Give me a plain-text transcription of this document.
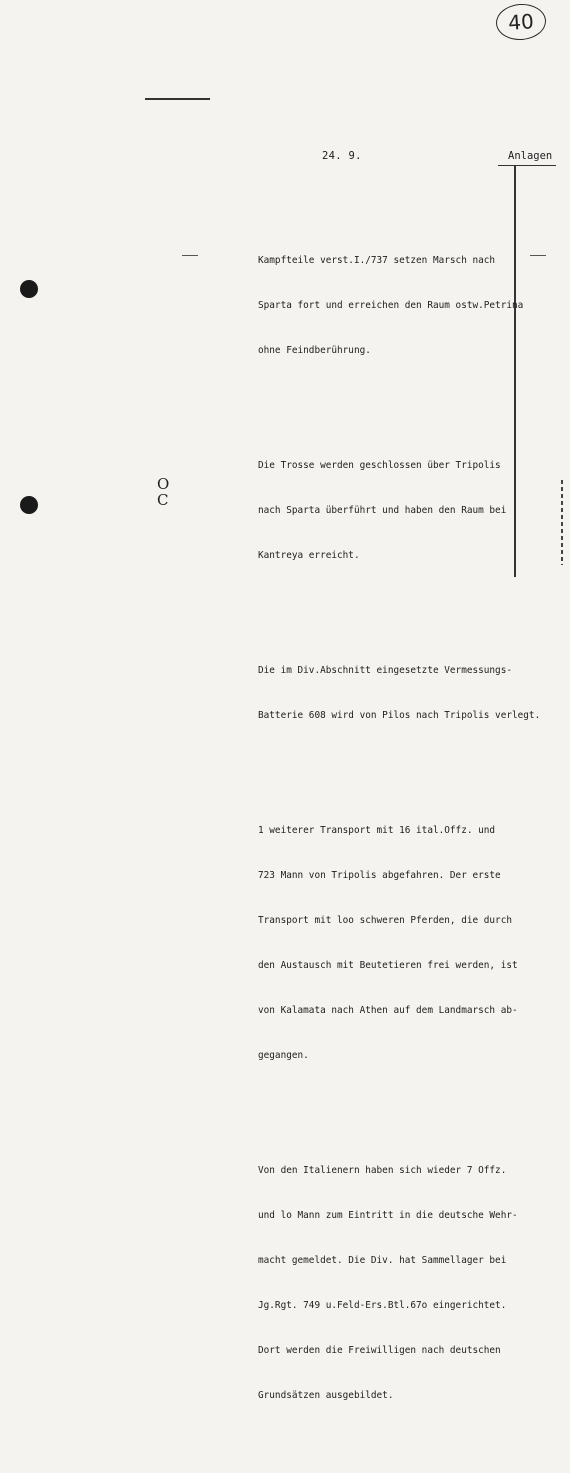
40
24. 9.	Anlagen
O
C

Kampfteile verst.I./737 setzen Marsch nach

Sparta fort und erreichen den Raum ostw.Petrina

ohne Feindberührung.

Die Trosse werden geschlossen über Tripolis

nach Sparta überführt und haben den Raum bei

Kantreya erreicht.

Die im Div.Abschnitt eingesetzte Vermessungs-

Batterie 608 wird von Pilos nach Tripolis verlegt.

1 weiterer Transport mit 16 ital.Offz. und

723 Mann von Tripolis abgefahren. Der erste

Transport mit loo schweren Pferden, die durch

den Austausch mit Beutetieren frei werden, ist

von Kalamata nach Athen auf dem Landmarsch ab-

gegangen.

Von den Italienern haben sich wieder 7 Offz.

und lo Mann zum Eintritt in die deutsche Wehr-

macht gemeldet. Die Div. hat Sammellager bei

Jg.Rgt. 749 u.Feld-Ers.Btl.67o eingerichtet.

Dort werden die Freiwilligen nach deutschen

Grundsätzen ausgebildet.
